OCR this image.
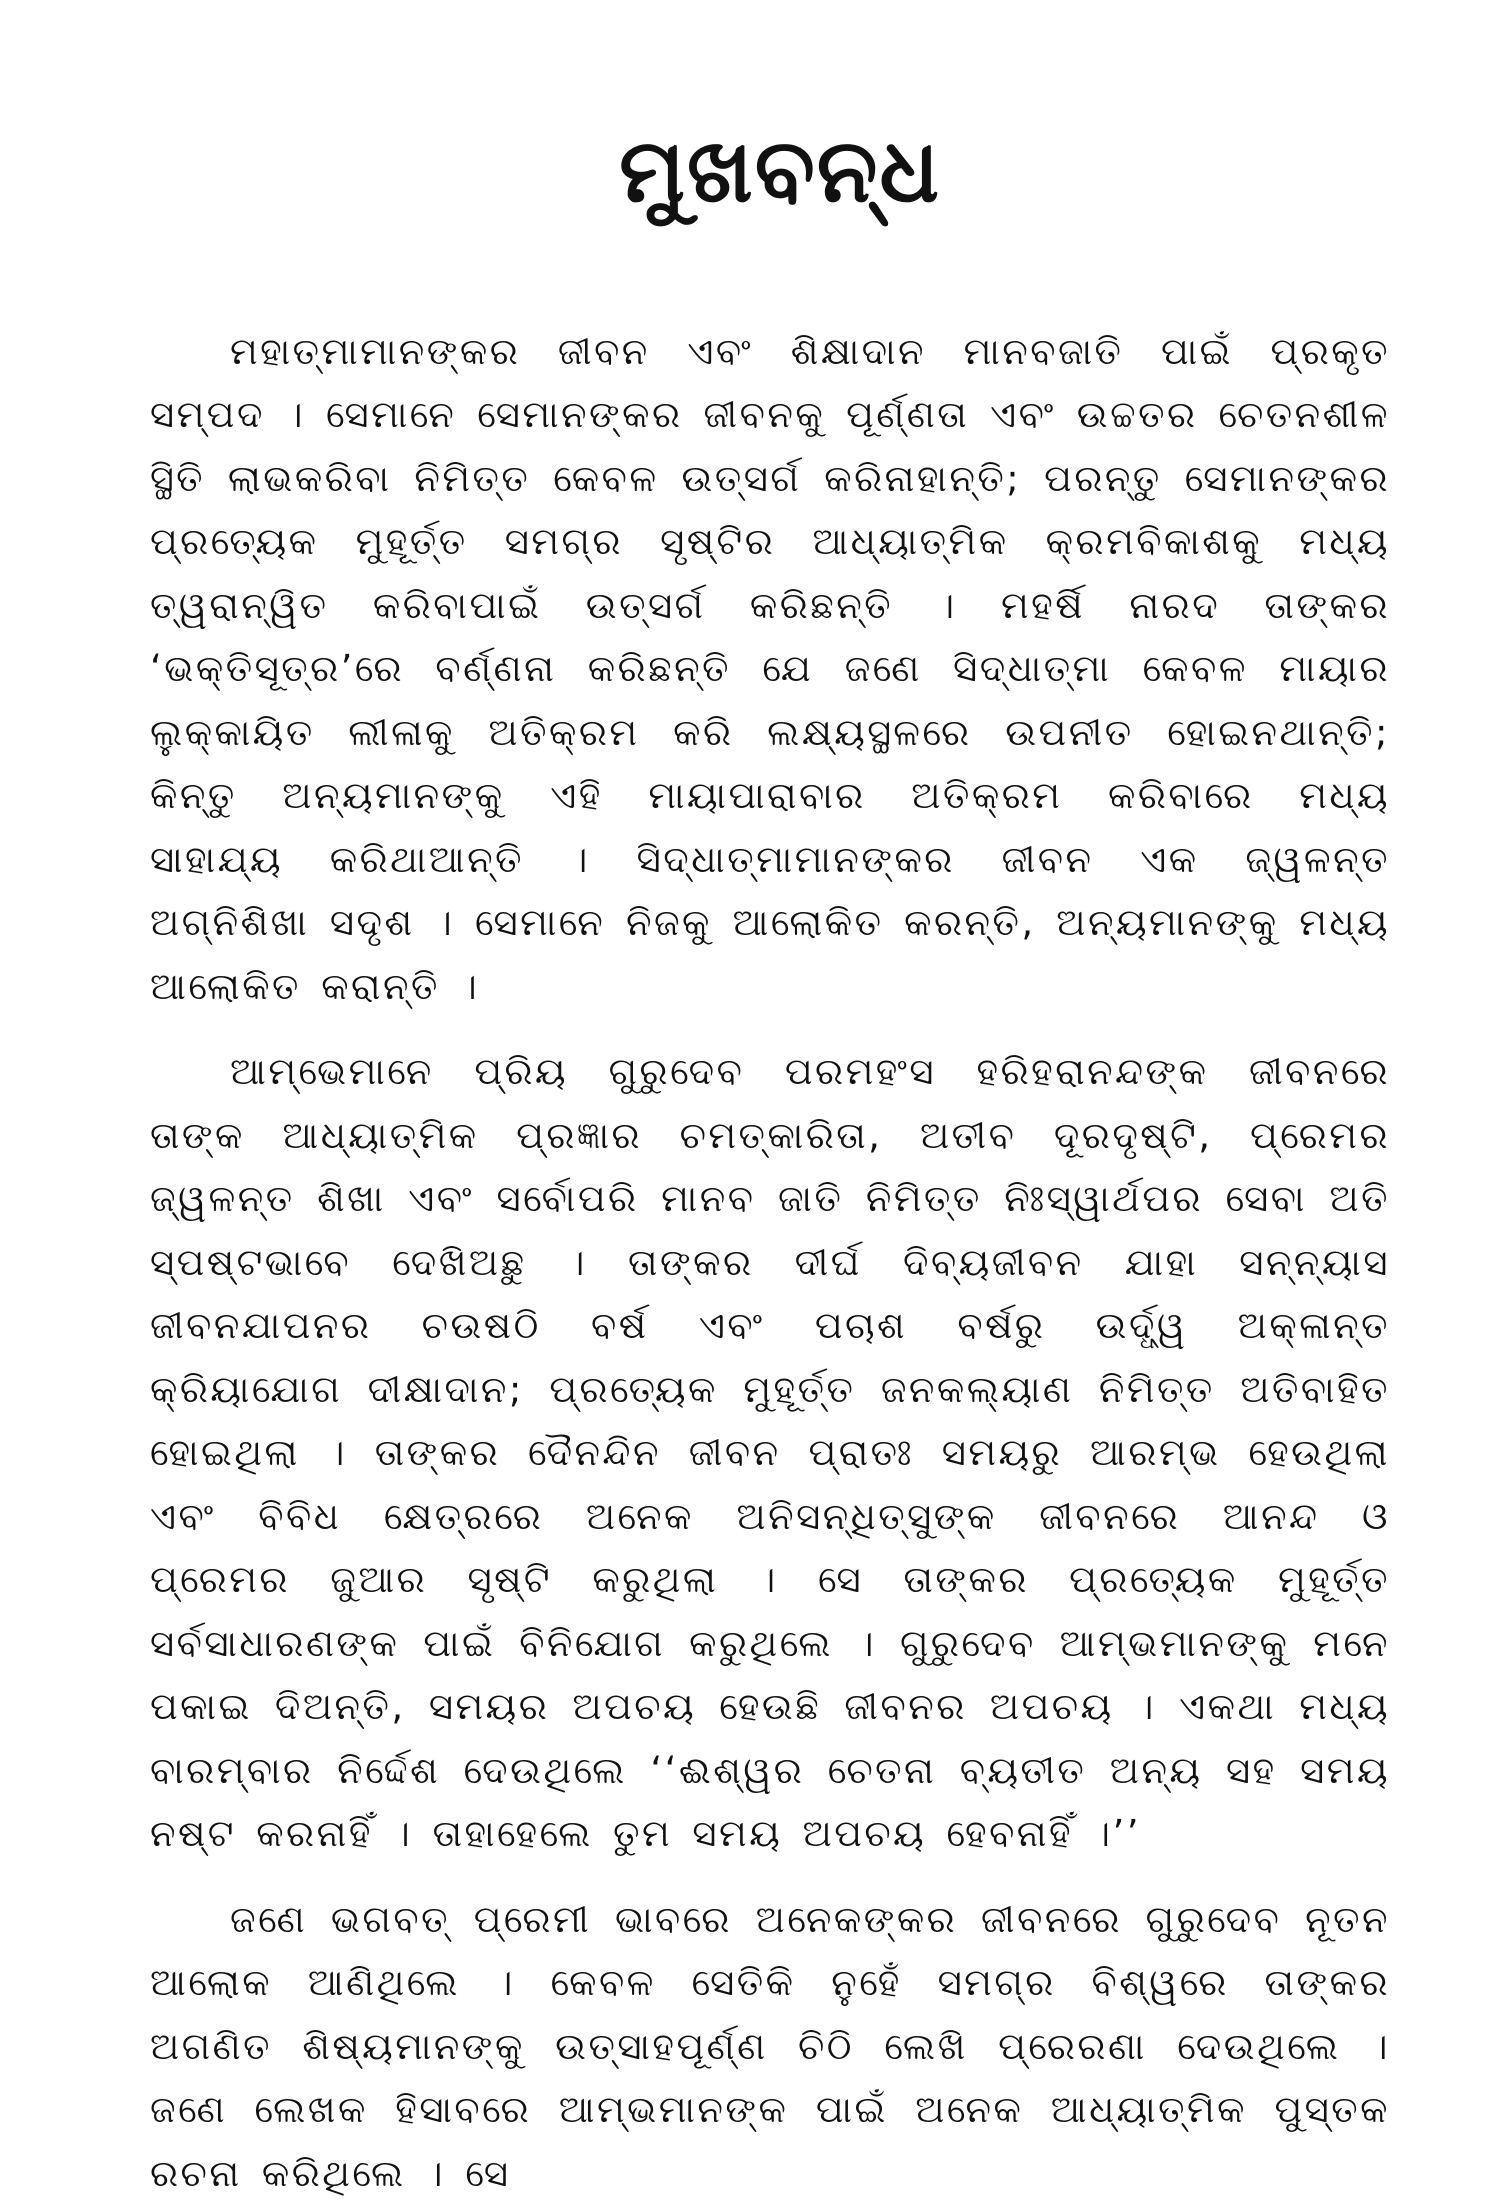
ମୁଖବନ୍ଧ

ମହାତ୍ମାମାନଙ୍କର ଜୀବନ ଏବଂ ଶିକ୍ଷାଦାନ ମାନବଜାତି ପାଇଁ ପ୍ରକୃତ ସମ୍ପଦ । ସେମାନେ ସେମାନଙ୍କର ଜୀବନକୁ ପୂର୍ଣ୍ଣତା ଏବଂ ଉଚ୍ଚତର ଚେତନଶୀଳ ସ୍ଥିତି ଲାଭକରିବା ନିମିତ୍ତ କେବଳ ଉତ୍ସର୍ଗ କରିନାହାନ୍ତି; ପରନ୍ତୁ ସେମାନଙ୍କର ପ୍ରତ୍ୟେକ ମୁହୂର୍ତ୍ତ ସମଗ୍ର ସୃଷ୍ଟିର ଆଧ୍ୟାତ୍ମିକ କ୍ରମବିକାଶକୁ ମଧ୍ୟ ତ୍ୱରାନ୍ୱିତ କରିବାପାଇଁ ଉତ୍ସର୍ଗ କରିଛନ୍ତି । ମହର୍ଷି ନାରଦ ତାଙ୍କର ‘ଭକ୍ତିସୂତ୍ର’ରେ ବର୍ଣ୍ଣନା କରିଛନ୍ତି ଯେ ଜଣେ ସିଦ୍ଧାତ୍ମା କେବଳ ମାୟାର ଲୁକ୍କାୟିତ ଲୀଳାକୁ ଅତିକ୍ରମ କରି ଲକ୍ଷ୍ୟସ୍ଥଳରେ ଉପନୀତ ହୋଇନଥାନ୍ତି; କିନ୍ତୁ ଅନ୍ୟମାନଙ୍କୁ ଏହି ମାୟାପାରାବାର ଅତିକ୍ରମ କରିବାରେ ମଧ୍ୟ ସାହାଯ୍ୟ କରିଥାଆନ୍ତି । ସିଦ୍ଧାତ୍ମାମାନଙ୍କର ଜୀବନ ଏକ ଜ୍ୱଳନ୍ତ ଅଗ୍ନିଶିଖା ସଦୃଶ । ସେମାନେ ନିଜକୁ ଆଲୋକିତ କରନ୍ତି, ଅନ୍ୟମାନଙ୍କୁ ମଧ୍ୟ ଆଲୋକିତ କରାନ୍ତି ।

ଆମ୍ଭେମାନେ ପ୍ରିୟ ଗୁରୁଦେବ ପରମହଂସ ହରିହରାନନ୍ଦଙ୍କ ଜୀବନରେ ତାଙ୍କ ଆଧ୍ୟାତ୍ମିକ ପ୍ରଜ୍ଞାର ଚମତ୍କାରିତା, ଅତୀବ ଦୂରଦୃଷ୍ଟି, ପ୍ରେମର ଜ୍ୱଳନ୍ତ ଶିଖା ଏବଂ ସର୍ବୋପରି ମାନବ ଜାତି ନିମିତ୍ତ ନିଃସ୍ୱାର୍ଥପର ସେବା ଅତି ସ୍ପଷ୍ଟଭାବେ ଦେଖିଅଛୁ । ତାଙ୍କର ଦୀର୍ଘ ଦିବ୍ୟଜୀବନ ଯାହା ସନ୍ନ୍ୟାସ ଜୀବନଯାପନର ଚଉଷଠି ବର୍ଷ ଏବଂ ପଚାଶ ବର୍ଷରୁ ଉର୍ଦ୍ଧ୍ୱ ଅକ୍ଳାନ୍ତ କ୍ରିୟାଯୋଗ ଦୀକ୍ଷାଦାନ; ପ୍ରତ୍ୟେକ ମୁହୂର୍ତ୍ତ ଜନକଲ୍ୟାଣ ନିମିତ୍ତ ଅତିବାହିତ ହୋଇଥିଲା । ତାଙ୍କର ଦୈନନ୍ଦିନ ଜୀବନ ପ୍ରାତଃ ସମୟରୁ ଆରମ୍ଭ ହେଉଥିଲା ଏବଂ ବିବିଧ କ୍ଷେତ୍ରରେ ଅନେକ ଅନିସନ୍ଧିତ୍ସୁଙ୍କ ଜୀବନରେ ଆନନ୍ଦ ଓ ପ୍ରେମର ଜୁଆର ସୃଷ୍ଟି କରୁଥିଲା । ସେ ତାଙ୍କର ପ୍ରତ୍ୟେକ ମୁହୂର୍ତ୍ତ ସର୍ବସାଧାରଣଙ୍କ ପାଇଁ ବିନିଯୋଗ କରୁଥିଲେ । ଗୁରୁଦେବ ଆମ୍ଭମାନଙ୍କୁ ମନେ ପକାଇ ଦିଅନ୍ତି, ସମୟର ଅପଚୟ ହେଉଛି ଜୀବନର ଅପଚୟ । ଏକଥା ମଧ୍ୟ ବାରମ୍ବାର ନିର୍ଦ୍ଦେଶ ଦେଉଥିଲେ ‘‘ଈଶ୍ୱର ଚେତନା ବ୍ୟତୀତ ଅନ୍ୟ ସହ ସମୟ ନଷ୍ଟ କରନାହିଁ । ତାହାହେଲେ ତୁମ ସମୟ ଅପଚୟ ହେବନାହିଁ ।’’

ଜଣେ ଭଗବତ୍ ପ୍ରେମୀ ଭାବରେ ଅନେକଙ୍କର ଜୀବନରେ ଗୁରୁଦେବ ନୂତନ ଆଲୋକ ଆଣିଥିଲେ । କେବଳ ସେତିକି ନୁହେଁ ସମଗ୍ର ବିଶ୍ୱରେ ତାଙ୍କର ଅଗଣିତ ଶିଷ୍ୟମାନଙ୍କୁ ଉତ୍ସାହପୂର୍ଣ୍ଣ ଚିଠି ଲେଖି ପ୍ରେରଣା ଦେଉଥିଲେ । ଜଣେ ଲେଖକ ହିସାବରେ ଆମ୍ଭମାନଙ୍କ ପାଇଁ ଅନେକ ଆଧ୍ୟାତ୍ମିକ ପୁସ୍ତକ ରଚନା କରିଥିଲେ । ସେ
